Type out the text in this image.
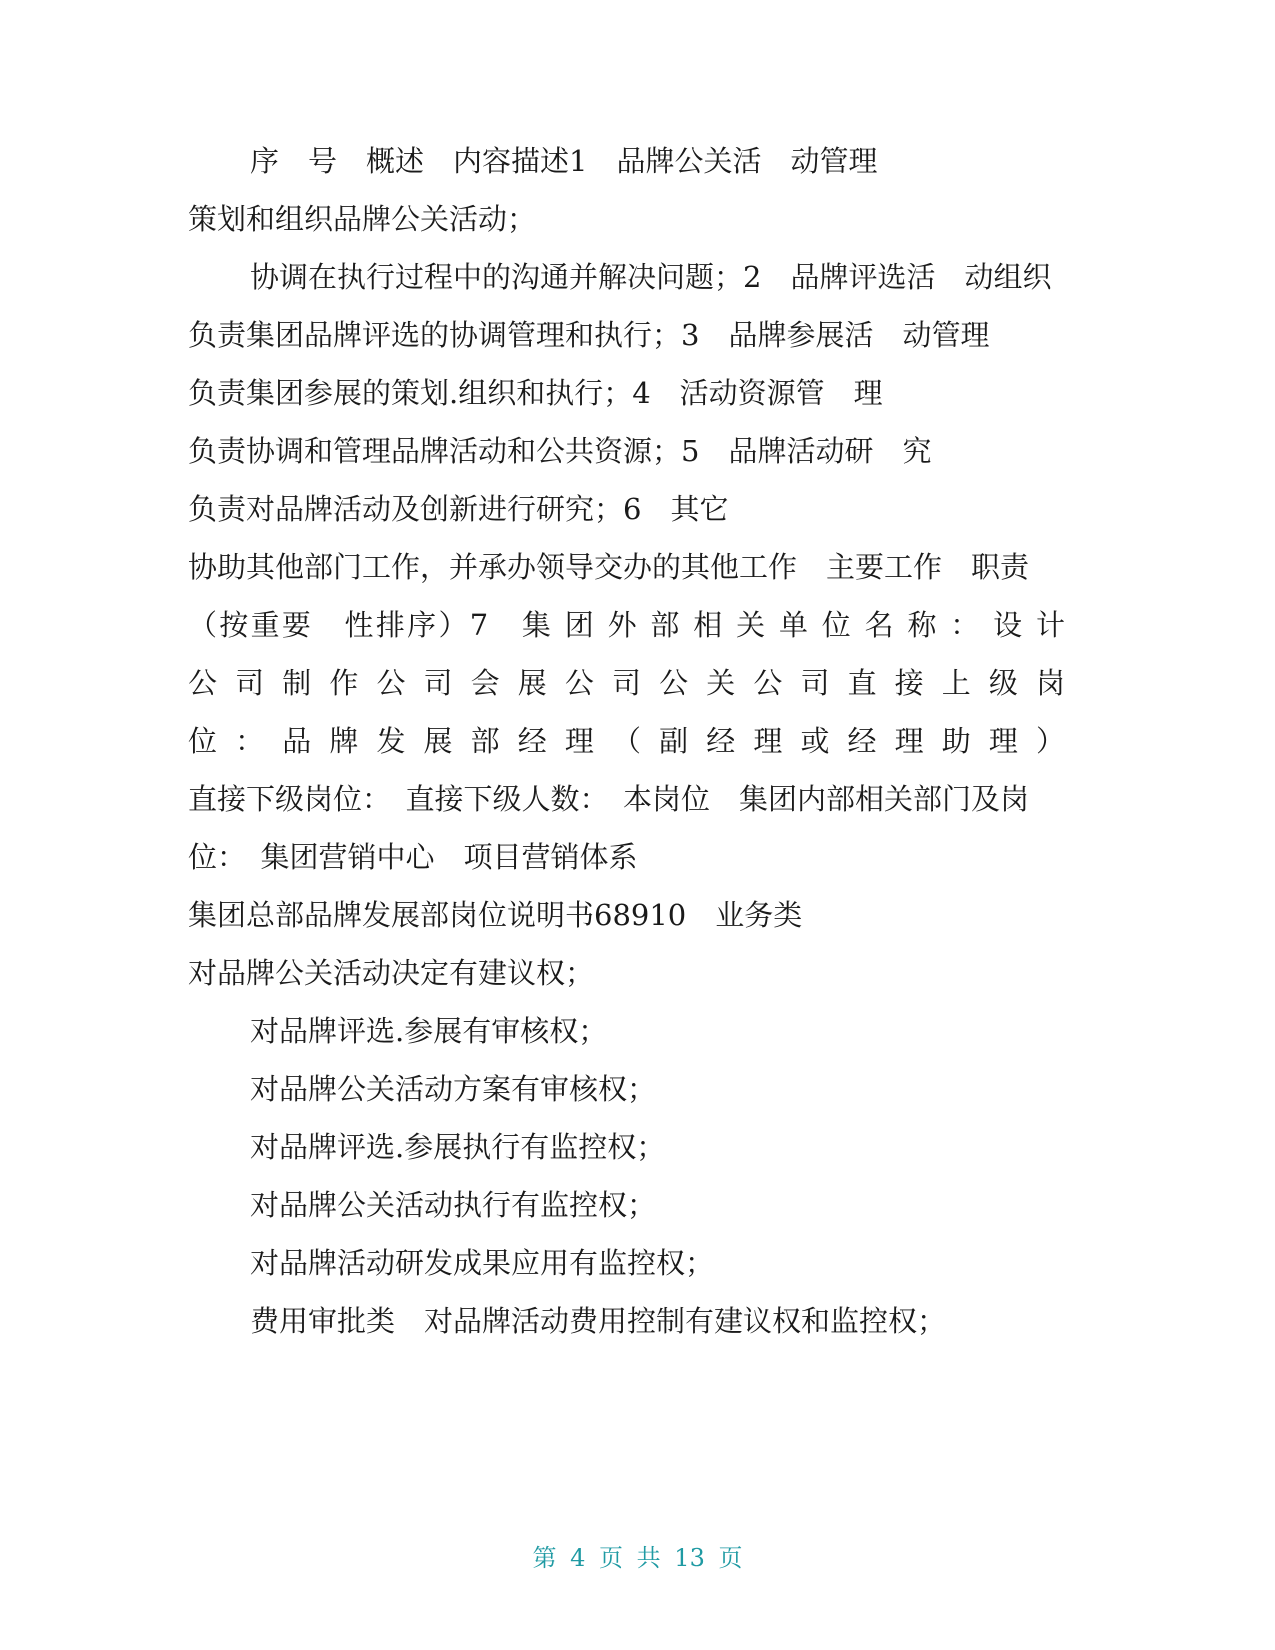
序　号　概述　内容描述1　品牌公关活　动管理
策划和组织品牌公关活动；
协调在执行过程中的沟通并解决问题；2　品牌评选活　动组织
负责集团品牌评选的协调管理和执行；3　品牌参展活　动管理
负责集团参展的策划.组织和执行；4　活动资源管　理
负责协调和管理品牌活动和公共资源；5　品牌活动研　究
负责对品牌活动及创新进行研究；6　其它
协助其他部门工作，并承办领导交办的其他工作　主要工作　职责
（按重要　性排序）7　集 团 外 部 相 关 单 位 名 称 ： 设 计
公 司 制 作 公 司 会 展 公 司 公 关 公 司 直 接 上 级 岗
位 ： 品 牌 发 展 部 经 理 （ 副 经 理 或 经 理 助 理 ）
直接下级岗位：　直接下级人数：　本岗位　集团内部相关部门及岗
位：　集团营销中心　项目营销体系
集团总部品牌发展部岗位说明书68910　业务类
对品牌公关活动决定有建议权；
对品牌评选.参展有审核权；
对品牌公关活动方案有审核权；
对品牌评选.参展执行有监控权；
对品牌公关活动执行有监控权；
对品牌活动研发成果应用有监控权；
费用审批类　对品牌活动费用控制有建议权和监控权；
第 4 页 共 13 页
